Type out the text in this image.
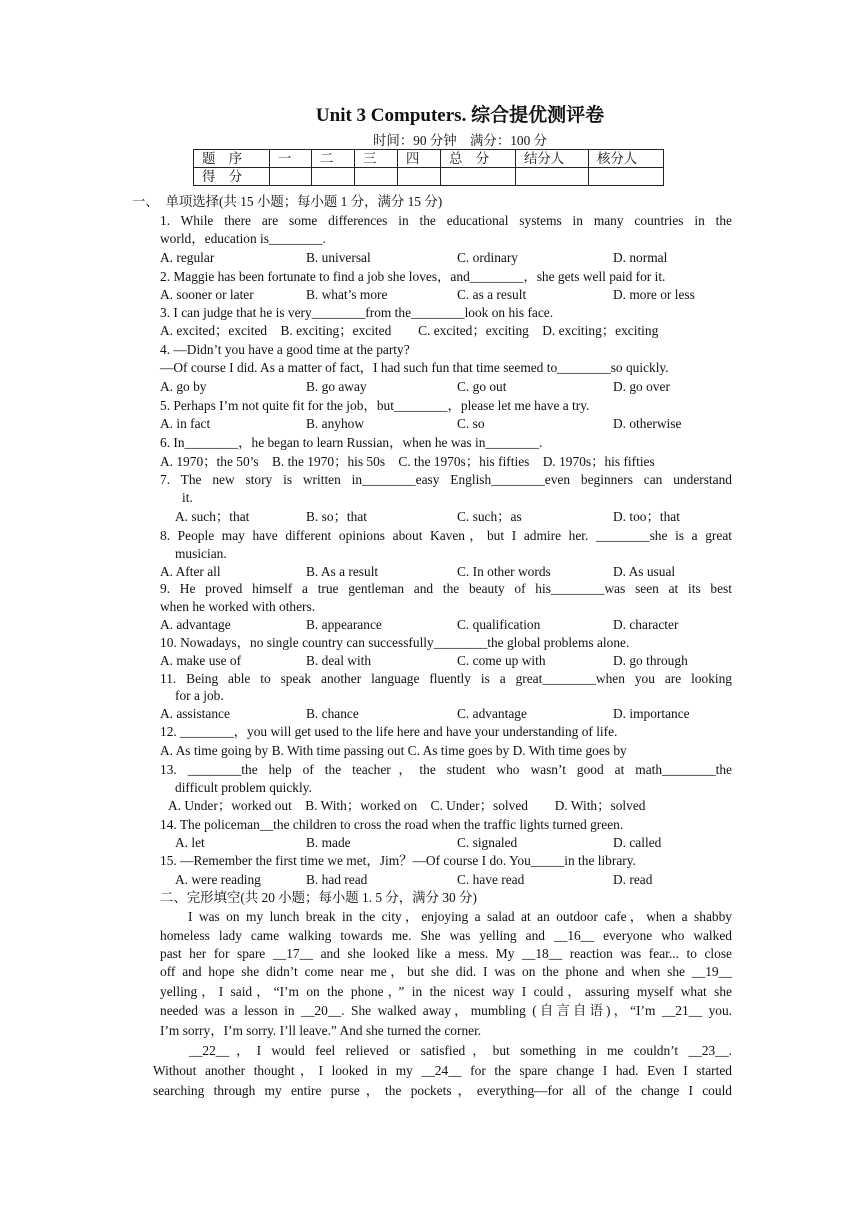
Unit 3 Computers. 综合提优测评卷
时间：90 分钟　满分：100 分
题　序	一	二	三	四	总　分	结分人	核分人
得　分							
一、　单项选择(共 15 小题；每小题 1 分，满分 15 分)
1. While there are some differences in the educational systems in many countries in the
world，education is________.
A. regular	B. universal	C. ordinary	D. normal
2. Maggie has been fortunate to find a job she loves，and________，she gets well paid for it.
A. sooner or later	B. what’s more	C. as a result	D. more or less
3. I can judge that he is very________from the________look on his face.
A. excited；excited　B. exciting；excited　　C. excited；exciting　D. exciting；exciting
4. —Didn’t you have a good time at the party?
—Of course I did. As a matter of fact，I had such fun that time seemed to________so quickly.
A. go by	B. go away	C. go out	D. go over
5. Perhaps I’m not quite fit for the job，but________，please let me have a try.
A. in fact	B. anyhow	C. so	D. otherwise
6. In________，he began to learn Russian，when he was in________.
A. 1970；the 50’s　B. the 1970；his 50s　C. the 1970s；his fifties　D. 1970s；his fifties
7. The new story is written in________easy English________even beginners can understand
it.
A. such；that	B. so；that	C. such；as	D. too；that
8. People may have different opinions about Kaven，but I admire her. ________she is a great
musician.
A. After all	B. As a result	C. In other words	D. As usual
9. He proved himself a true gentleman and the beauty of his________was seen at its best
when he worked with others.
A. advantage	B. appearance	C. qualification	D. character
10. Nowadays，no single country can successfully________the global problems alone.
A. make use of	B. deal with	C. come up with	D. go through
11. Being able to speak another language fluently is a great________when you are looking
for a job.
A. assistance	B. chance	C. advantage	D. importance
12. ________，you will get used to the life here and have your understanding of life.
A. As time going by B. With time passing out C. As time goes by D. With time goes by
13. ________the help of the teacher，the student who wasn’t good at math________the
difficult problem quickly.
A. Under；worked out　B. With；worked on　C. Under；solved　　D. With；solved
14. The policeman__the children to cross the road when the traffic lights turned green.
A. let	B. made	C. signaled	D. called
15. —Remember the first time we met，Jim？—Of course I do. You_____in the library.
A. were reading	B. had read	C. have read	D. read
二、完形填空(共 20 小题；每小题 1. 5 分，满分 30 分)
I was on my lunch break in the city，enjoying a salad at an outdoor cafe，when a shabby
homeless lady came walking towards me. She was yelling and __16__ everyone who walked
past her for spare __17__ and she looked like a mess. My __18__ reaction was fear... to close
off and hope she didn’t come near me，but she did. I was on the phone and when she __19__
yelling，I said，“I’m on the phone，” in the nicest way I could，assuring myself what she
needed was a lesson in __20__. She walked away，mumbling (自言自语)，“I’m __21__ you.
I’m sorry，I’m sorry. I’ll leave.” And she turned the corner.
__22__，I would feel relieved or satisfied，but something in me couldn’t __23__.
Without another thought，I looked in my __24__ for the spare change I had. Even I started
searching through my entire purse，the pockets，everything—for all of the change I could
